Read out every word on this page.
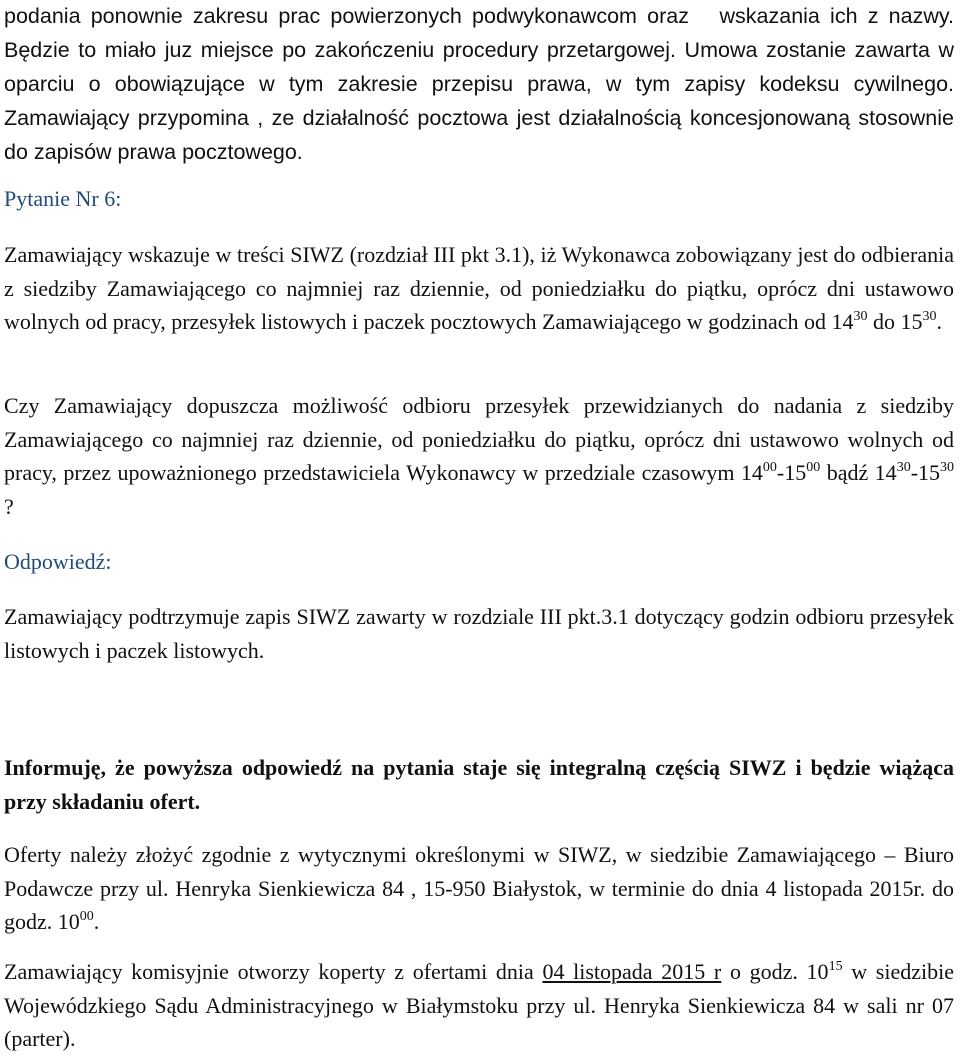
podania ponownie zakresu prac powierzonych podwykonawcom oraz wskazania ich z nazwy. Będzie to miało juz miejsce po zakończeniu procedury przetargowej. Umowa zostanie zawarta w oparciu o obowiązujące w tym zakresie przepisu prawa, w tym zapisy kodeksu cywilnego. Zamawiający przypomina , ze działalność pocztowa jest działalnością koncesjonowaną stosownie do zapisów prawa pocztowego.

Pytanie Nr 6:

Zamawiający wskazuje w treści SIWZ (rozdział III pkt 3.1), iż Wykonawca zobowiązany jest do odbierania z siedziby Zamawiającego co najmniej raz dziennie, od poniedziałku do piątku, oprócz dni ustawowo wolnych od pracy, przesyłek listowych i paczek pocztowych Zamawiającego w godzinach od $14^{30}$ do $15^{30}$.

Czy Zamawiający dopuszcza możliwość odbioru przesyłek przewidzianych do nadania z siedziby Zamawiającego co najmniej raz dziennie, od poniedziałku do piątku, oprócz dni ustawowo wolnych od pracy, przez upoważnionego przedstawiciela Wykonawcy w przedziale czasowym $14^{00}-15^{00}$ bądź $14^{30}-15^{30}$ ?

Odpowiedź:

Zamawiający podtrzymuje zapis SIWZ zawarty w rozdziale III pkt.3.1 dotyczący godzin odbioru przesyłek listowych i paczek listowych.

Informuję, że powyższa odpowiedź na pytania staje się integralną częścią SIWZ i będzie wiążąca przy składaniu ofert.

Oferty należy złożyć zgodnie z wytycznymi określonymi w SIWZ, w siedzibie Zamawiającego – Biuro Podawcze przy ul. Henryka Sienkiewicza 84 , 15-950 Białystok, w terminie do dnia 4 listopada 2015r. do godz. $10^{00}$.

Zamawiający komisyjnie otworzy koperty z ofertami dnia 04 listopada 2015 r o godz. $10^{15}$ w siedzibie Wojewódzkiego Sądu Administracyjnego w Białymstoku przy ul. Henryka Sienkiewicza 84 w sali nr 07 (parter).
